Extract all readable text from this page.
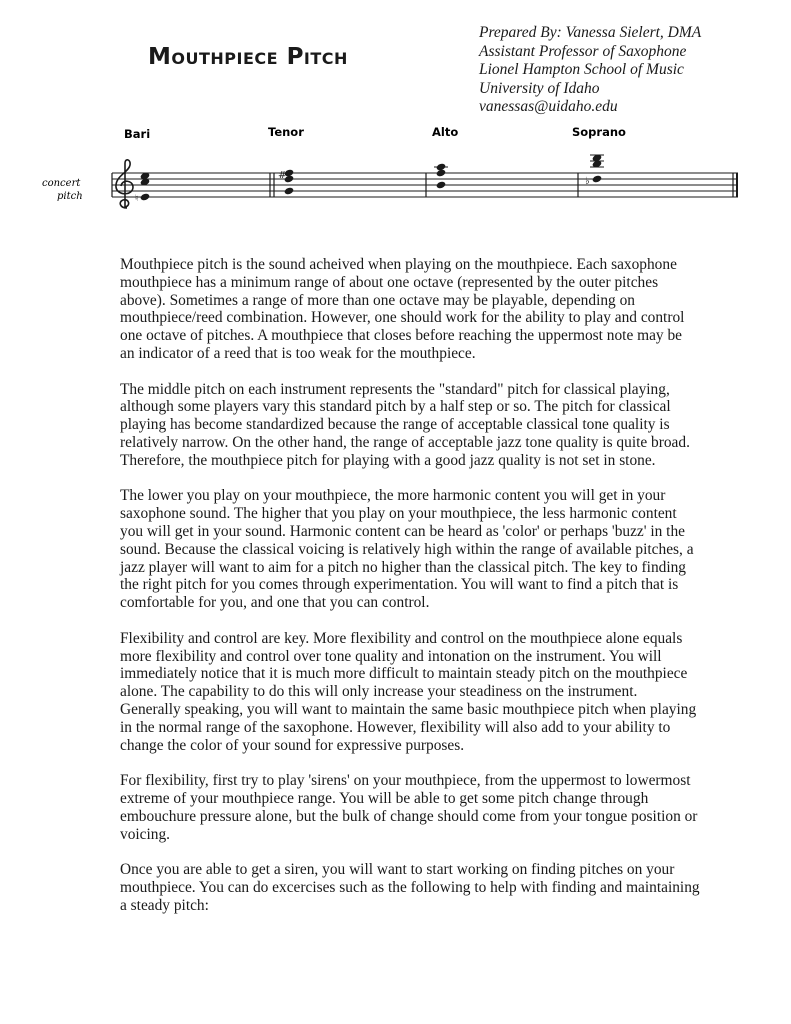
Mouthpiece Pitch
Prepared By: Vanessa Sielert, DMA
Assistant Professor of Saxophone
Lionel Hampton School of Music
University of Idaho
vanessas@uidaho.edu
Bari	Tenor	Alto	Soprano
concert
pitch	♮
#
♭

Mouthpiece pitch is the sound acheived when playing on the mouthpiece. Each saxophone mouthpiece has a minimum range of about one octave (represented by the outer pitches above). Sometimes a range of more than one octave may be playable, depending on mouthpiece/reed combination. However, one should work for the ability to play and control one octave of pitches. A mouthpiece that closes before reaching the uppermost note may be an indicator of a reed that is too weak for the mouthpiece.

The middle pitch on each instrument represents the "standard" pitch for classical playing, although some players vary this standard pitch by a half step or so. The pitch for classical playing has become standardized because the range of acceptable classical tone quality is relatively narrow. On the other hand, the range of acceptable jazz tone quality is quite broad. Therefore, the mouthpiece pitch for playing with a good jazz quality is not set in stone.

The lower you play on your mouthpiece, the more harmonic content you will get in your saxophone sound. The higher that you play on your mouthpiece, the less harmonic content you will get in your sound. Harmonic content can be heard as 'color' or perhaps 'buzz' in the sound. Because the classical voicing is relatively high within the range of available pitches, a jazz player will want to aim for a pitch no higher than the classical pitch. The key to finding the right pitch for you comes through experimentation. You will want to find a pitch that is comfortable for you, and one that you can control.

Flexibility and control are key. More flexibility and control on the mouthpiece alone equals more flexibility and control over tone quality and intonation on the instrument. You will immediately notice that it is much more difficult to maintain steady pitch on the mouthpiece alone. The capability to do this will only increase your steadiness on the instrument. Generally speaking, you will want to maintain the same basic mouthpiece pitch when playing in the normal range of the saxophone. However, flexibility will also add to your ability to change the color of your sound for expressive purposes.

For flexibility, first try to play 'sirens' on your mouthpiece, from the uppermost to lowermost extreme of your mouthpiece range. You will be able to get some pitch change through embouchure pressure alone, but the bulk of change should come from your tongue position or voicing.

Once you are able to get a siren, you will want to start working on finding pitches on your mouthpiece. You can do excercises such as the following to help with finding and maintaining a steady pitch:
